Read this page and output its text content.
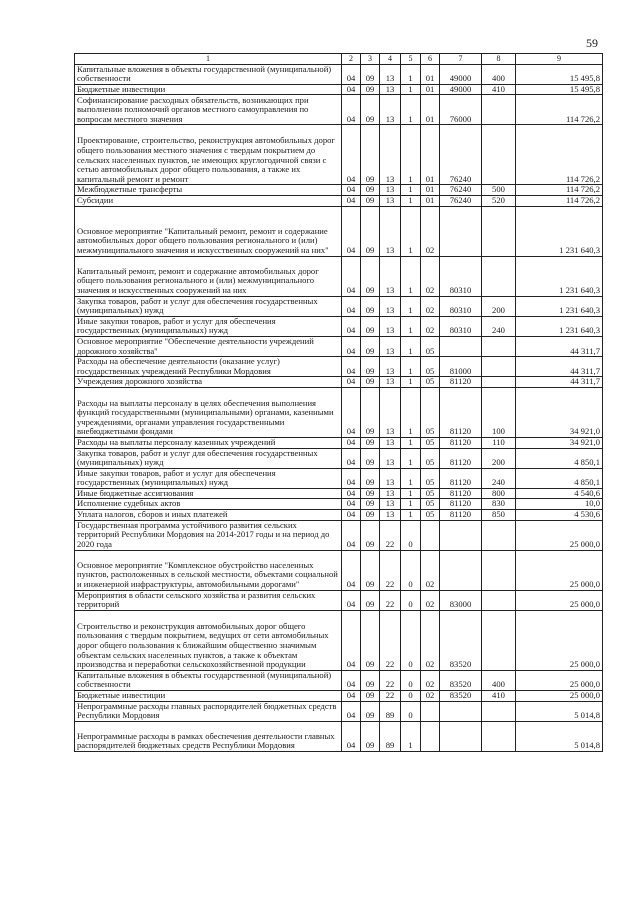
59
1	2	3	4	5	6	7	8	9
Капитальные вложения в объекты государственной (муниципальной) собственности	04	09	13	1	01	49000	400	15 495,8
Бюджетные инвестиции	04	09	13	1	01	49000	410	15 495,8
Софинансирование расходных обязательств, возникающих при выполнении полномочий органов местного самоуправления по вопросам местного значения	04	09	13	1	01	76000		114 726,2
Проектирование, строительство, реконструкция автомобильных дорог общего пользования местного значения с твердым покрытием до сельских населенных пунктов, не имеющих круглогодичной связи с сетью автомобильных дорог общего пользования, а также их капитальный ремонт и ремонт	04	09	13	1	01	76240		114 726,2
Межбюджетные трансферты	04	09	13	1	01	76240	500	114 726,2
Субсидии	04	09	13	1	01	76240	520	114 726,2
Основное мероприятие "Капитальный ремонт, ремонт и содержание автомобильных дорог общего пользования регионального и (или) межмуниципального значения и искусственных сооружений на них"	04	09	13	1	02			1 231 640,3
Капитальный ремонт, ремонт и содержание автомобильных дорог общего пользования регионального и (или) межмуниципального значения и искусственных сооружений на них	04	09	13	1	02	80310		1 231 640,3
Закупка товаров, работ и услуг для обеспечения государственных (муниципальных) нужд	04	09	13	1	02	80310	200	1 231 640,3
Иные закупки товаров, работ и услуг для обеспечения государственных (муниципальных) нужд	04	09	13	1	02	80310	240	1 231 640,3
Основное мероприятие "Обеспечение деятельности учреждений дорожного хозяйства"	04	09	13	1	05			44 311,7
Расходы на обеспечение деятельности (оказание услуг) государственных учреждений Республики Мордовия	04	09	13	1	05	81000		44 311,7
Учреждения дорожного хозяйства	04	09	13	1	05	81120		44 311,7
Расходы на выплаты персоналу в целях обеспечения выполнения функций государственными (муниципальными) органами, казенными учреждениями, органами управления государственными внебюджетными фондами	04	09	13	1	05	81120	100	34 921,0
Расходы на выплаты персоналу казенных учреждений	04	09	13	1	05	81120	110	34 921,0
Закупка товаров, работ и услуг для обеспечения государственных (муниципальных) нужд	04	09	13	1	05	81120	200	4 850,1
Иные закупки товаров, работ и услуг для обеспечения государственных (муниципальных) нужд	04	09	13	1	05	81120	240	4 850,1
Иные бюджетные ассигнования	04	09	13	1	05	81120	800	4 540,6
Исполнение судебных актов	04	09	13	1	05	81120	830	10,0
Уплата налогов, сборов и иных платежей	04	09	13	1	05	81120	850	4 530,6
Государственная программа устойчивого развития сельских территорий Республики Мордовия на 2014-2017 годы и на период до 2020 года	04	09	22	0				25 000,0
Основное мероприятие "Комплексное обустройство населенных пунктов, расположенных в сельской местности, объектами социальной и инженерной инфраструктуры, автомобильными дорогами"	04	09	22	0	02			25 000,0
Мероприятия в области сельского хозяйства и развития сельских территорий	04	09	22	0	02	83000		25 000,0
Строительство и реконструкция автомобильных дорог общего пользования с твердым покрытием, ведущих от сети автомобильных дорог общего пользования к ближайшим общественно значимым объектам сельских населенных пунктов, а также к объектам производства и переработки сельскохозяйственной продукции	04	09	22	0	02	83520		25 000,0
Капитальные вложения в объекты государственной (муниципальной) собственности	04	09	22	0	02	83520	400	25 000,0
Бюджетные инвестиции	04	09	22	0	02	83520	410	25 000,0
Непрограммные расходы главных распорядителей бюджетных средств Республики Мордовия	04	09	89	0				5 014,8
Непрограммные расходы в рамках обеспечения деятельности главных распорядителей бюджетных средств Республики Мордовия	04	09	89	1				5 014,8
